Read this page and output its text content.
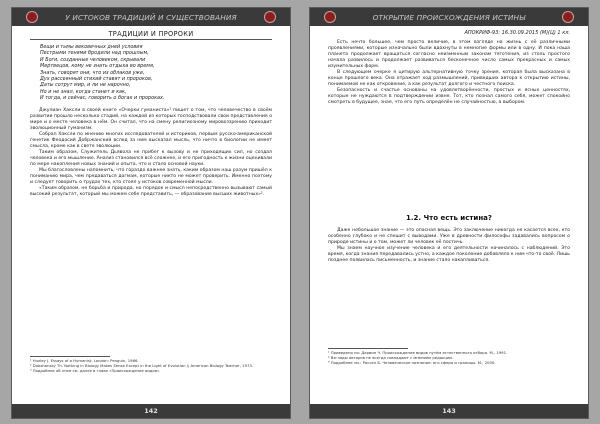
У ИСТОКОВ ТРАДИЦИЙ И СУЩЕСТВОВАНИЯ
ТРАДИЦИИ И ПРОРОКИ
Вещи и тьмы вековечных дней условия
Пестрыми тенями бродили над прошлым,
И Боги, созданные человеком, скрывали
Мертвецов, кому не знать отдыха во время,
Знать, говорят они, что из облаков уже,
Дух рассеянный стихий ставят и пророков,
Даты сотрут мир, и ли не нарочно,
Но и не знал, когда станет и как,
И тогда, и сейчас, говорить о богах и пророках.

Джулиан Хаксли в своей книге «Очерки гуманиста»¹ пишет о том, что человечество в своём развитии прошло несколько стадий, на каждой из которых господствовали свои представления о мире и о месте человека в нём. Он считал, что на смену религиозному мировоззрению приходит эволюционный гуманизм.

Собрал Хаксли по мнению многих исследователей и историков, первым русско-американской генетик Феодосий Добржанский вслед за ним высказал мысль, что ничто в биологии не имеет смысла, кроме как в свете эволюции.

Таким образом, Служитель Дьявола не прибег к вызову и не приходящих сил, но создал человека и его мышление. Анализ становился всё сложнее, и его пригодность к жизни оценивали по мере накопления новых знаний и опыта, что и стало основой науки.

Мы благословлены напомнить, что гораздо важнее знать, каким образом наш разум пришёл к пониманию мира, чем предаваться догмам, которые никто не может проверить. Именно поэтому и следует говорить о трудах тех, кто стоял у истоков современной мысли.

«Таким образом, не борьба и природа, но порядок и смысл непосредственно вызывают самый высокий результат, который мы можем себе представить, — образование высших животных»².

¹ Huxley J. Essays of a Humanist. London: Penguin, 1966.

² Dobzhansky Th. Nothing in Biology Makes Sense Except in the Light of Evolution // American Biology Teacher, 1973.

³ Подробнее об этом см. далее в главе «Происхождение видов».

142
ОТКРЫТИЕ ПРОИСХОЖДЕНИЯ ИСТИНЫ
АПОКРИФ-93: 16.30.09.2015 (М)(Ц) 1 кл.

Есть нечто большее, чем просто величие, в этом взгляде на жизнь с её различными проявлениями, которые изначально были вдохнуты в немногие формы или в одну. И пока наша планета продолжает вращаться согласно неизменным законам тяготения, из столь простого начала развилось и продолжает развиваться бесконечное число самых прекрасных и самых изумительных форм.

В следующем очерке я цитирую альтернативную точку зрения, которая была высказана в конце прошлого века. Она отражает ход размышлений, приведших автора к открытию истины, понимаемой не как откровение, а как результат долгого и честного поиска.

Безопасность и счастье основаны на удовлетворённости, простых и ясных ценностях, которые не нуждаются в подтверждении извне. Тот, кто познал самого себя, может спокойно смотреть в будущее, зная, что его путь определён не случайностью, а выбором.

1.2. Что есть истина?

Даже небольшое знание — это опасная вещь. Это заключение никогда не касается всех, кто особенно глубоко и не спешит с выводами. Уже в древности философы задавались вопросом о природе истины и о том, может ли человек её постичь.

Мы знаем научное изучение человека и его деятельности начиналось с наблюдений. Это время, когда знания передавались устно, а каждое поколение добавляло к ним что-то своё. Лишь позднее появилась письменность, и знание стало накапливаться.

¹ Приведено по: Дарвин Ч. Происхождение видов путём естественного отбора. М., 1991.

² Взгляды авторов не всегда совпадают с мнением редакции.

³ Подробнее см.: Рассел Б. Человеческое познание: его сфера и границы. М., 2000.

143
